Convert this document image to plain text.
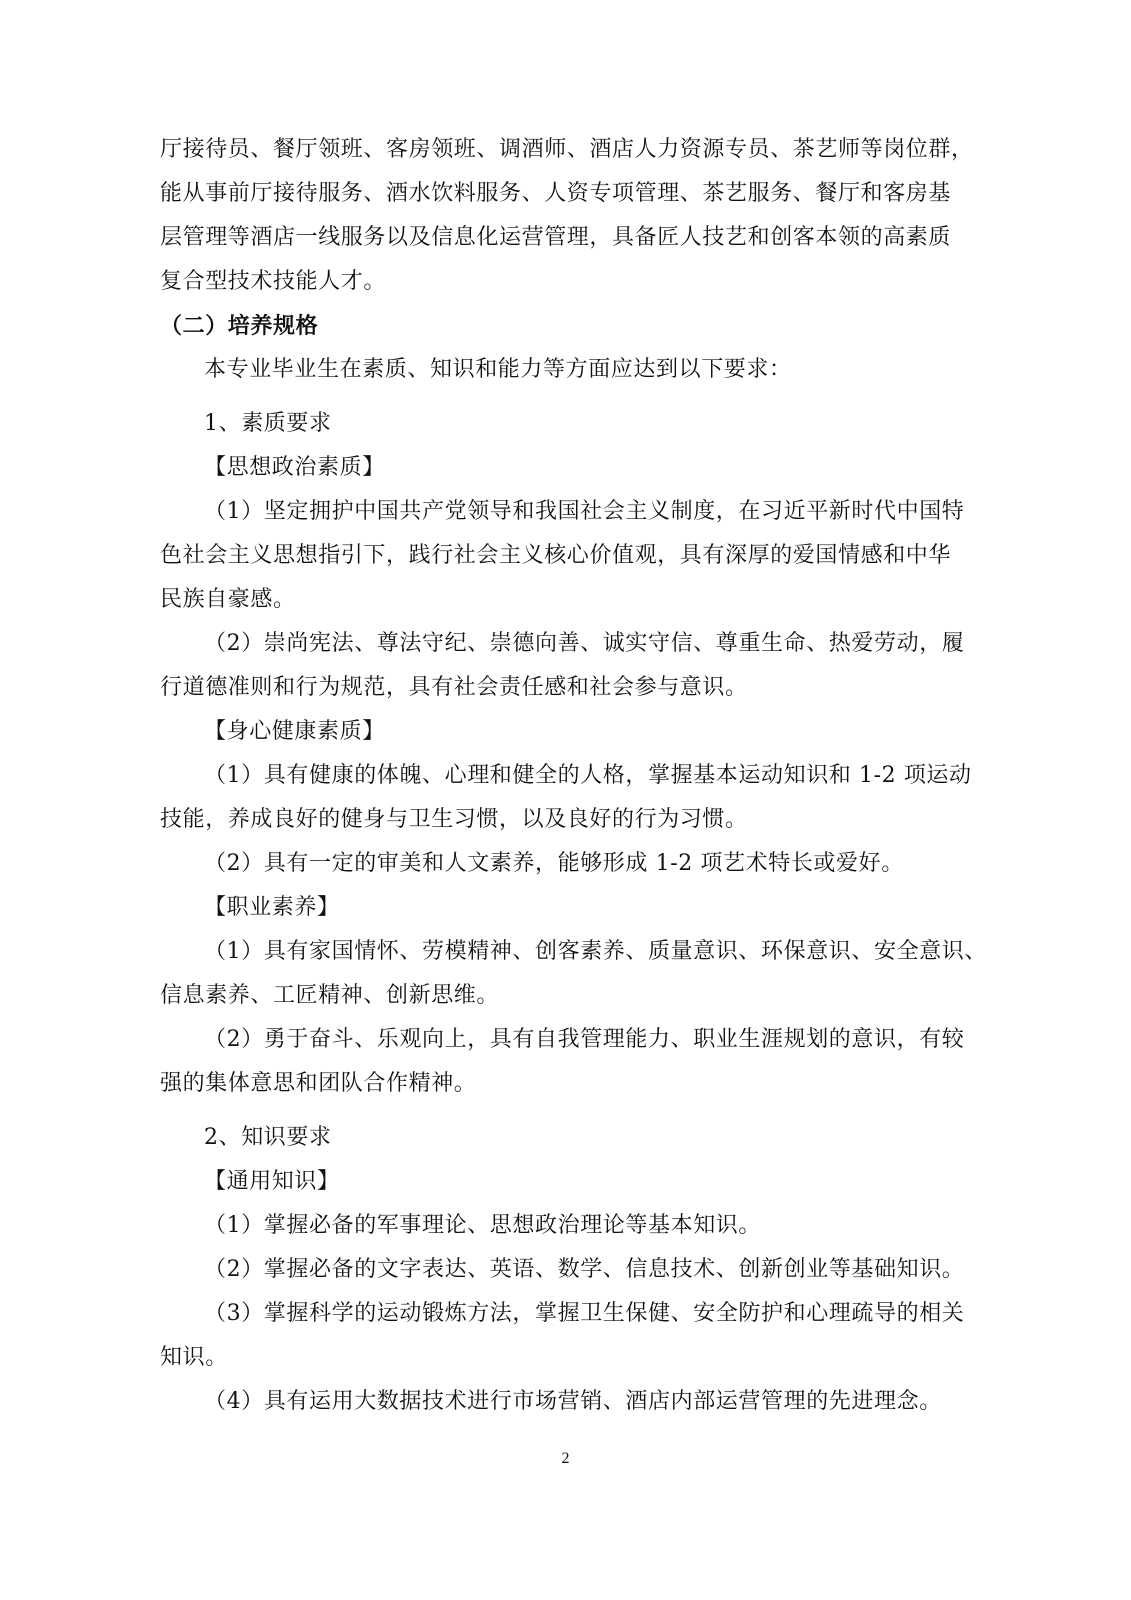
厅接待员、餐厅领班、客房领班、调酒师、酒店人力资源专员、茶艺师等岗位群，
能从事前厅接待服务、酒水饮料服务、人资专项管理、茶艺服务、餐厅和客房基
层管理等酒店一线服务以及信息化运营管理，具备匠人技艺和创客本领的高素质
复合型技术技能人才。
（二）培养规格
本专业毕业生在素质、知识和能力等方面应达到以下要求：
1、素质要求
【思想政治素质】
（1）坚定拥护中国共产党领导和我国社会主义制度，在习近平新时代中国特
色社会主义思想指引下，践行社会主义核心价值观，具有深厚的爱国情感和中华
民族自豪感。
（2）崇尚宪法、尊法守纪、崇德向善、诚实守信、尊重生命、热爱劳动，履
行道德准则和行为规范，具有社会责任感和社会参与意识。
【身心健康素质】
（1）具有健康的体魄、心理和健全的人格，掌握基本运动知识和 1-2 项运动
技能，养成良好的健身与卫生习惯，以及良好的行为习惯。
（2）具有一定的审美和人文素养，能够形成 1-2 项艺术特长或爱好。
【职业素养】
（1）具有家国情怀、劳模精神、创客素养、质量意识、环保意识、安全意识、
信息素养、工匠精神、创新思维。
（2）勇于奋斗、乐观向上，具有自我管理能力、职业生涯规划的意识，有较
强的集体意思和团队合作精神。
2、知识要求
【通用知识】
（1）掌握必备的军事理论、思想政治理论等基本知识。
（2）掌握必备的文字表达、英语、数学、信息技术、创新创业等基础知识。
（3）掌握科学的运动锻炼方法，掌握卫生保健、安全防护和心理疏导的相关
知识。
（4）具有运用大数据技术进行市场营销、酒店内部运营管理的先进理念。
2
